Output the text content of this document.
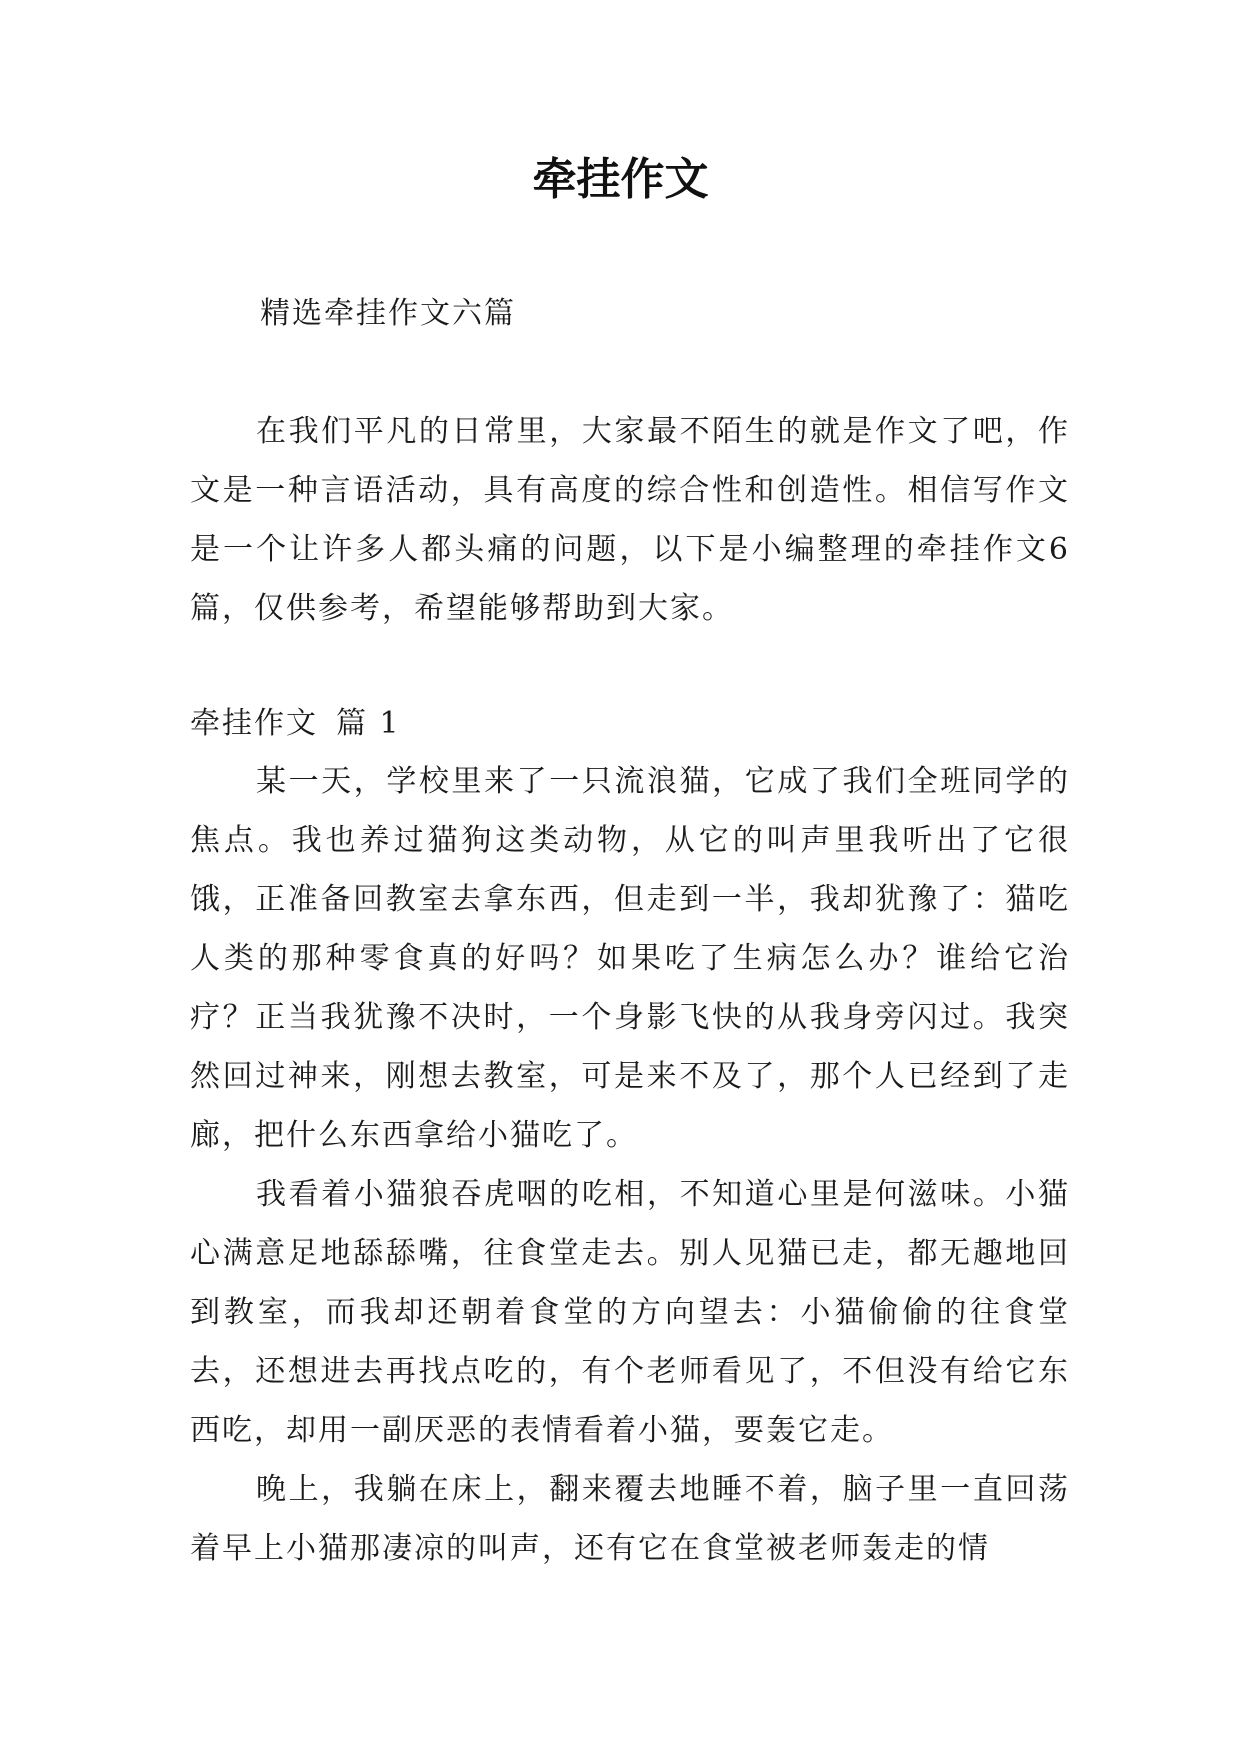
牵挂作文
精选牵挂作文六篇

在我们平凡的日常里，大家最不陌生的就是作文了吧，作文是一种言语活动，具有高度的综合性和创造性。相信写作文是一个让许多人都头痛的问题，以下是小编整理的牵挂作文6篇，仅供参考，希望能够帮助到大家。

牵挂作文 篇 1

某一天，学校里来了一只流浪猫，它成了我们全班同学的焦点。我也养过猫狗这类动物，从它的叫声里我听出了它很饿，正准备回教室去拿东西，但走到一半，我却犹豫了：猫吃人类的那种零食真的好吗？如果吃了生病怎么办？谁给它治疗？正当我犹豫不决时，一个身影飞快的从我身旁闪过。我突然回过神来，刚想去教室，可是来不及了，那个人已经到了走廊，把什么东西拿给小猫吃了。

我看着小猫狼吞虎咽的吃相，不知道心里是何滋味。小猫心满意足地舔舔嘴，往食堂走去。别人见猫已走，都无趣地回到教室，而我却还朝着食堂的方向望去：小猫偷偷的往食堂去，还想进去再找点吃的，有个老师看见了，不但没有给它东西吃，却用一副厌恶的表情看着小猫，要轰它走。

晚上，我躺在床上，翻来覆去地睡不着，脑子里一直回荡着早上小猫那凄凉的叫声，还有它在食堂被老师轰走的情
